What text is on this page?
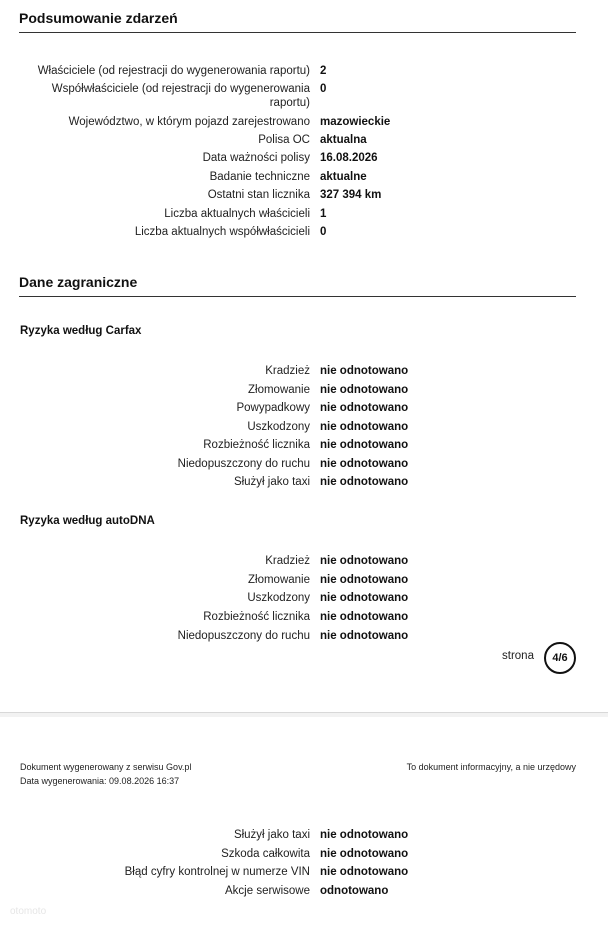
Podsumowanie zdarzeń
Właściciele (od rejestracji do wygenerowania raportu) 2
Współwłaściciele (od rejestracji do wygenerowania 0
raportu)
Województwo, w którym pojazd zarejestrowano mazowieckie
Polisa OC aktualna
Data ważności polisy 16.08.2026
Badanie techniczne aktualne
Ostatni stan licznika 327 394 km
Liczba aktualnych właścicieli 1
Liczba aktualnych współwłaścicieli 0
Dane zagraniczne
Ryzyka według Carfax
Kradzież nie odnotowano
Złomowanie nie odnotowano
Powypadkowy nie odnotowano
Uszkodzony nie odnotowano
Rozbieżność licznika nie odnotowano
Niedopuszczony do ruchu nie odnotowano
Służył jako taxi nie odnotowano
Ryzyka według autoDNA
Kradzież nie odnotowano
Złomowanie nie odnotowano
Uszkodzony nie odnotowano
Rozbieżność licznika nie odnotowano
Niedopuszczony do ruchu nie odnotowano
strona	4/6
Dokument wygenerowany z serwisu Gov.pl
Data wygenerowania: 09.08.2026 16:37
To dokument informacyjny, a nie urzędowy
Służył jako taxi nie odnotowano
Szkoda całkowita nie odnotowano
Błąd cyfry kontrolnej w numerze VIN nie odnotowano
Akcje serwisowe odnotowano
otomoto
